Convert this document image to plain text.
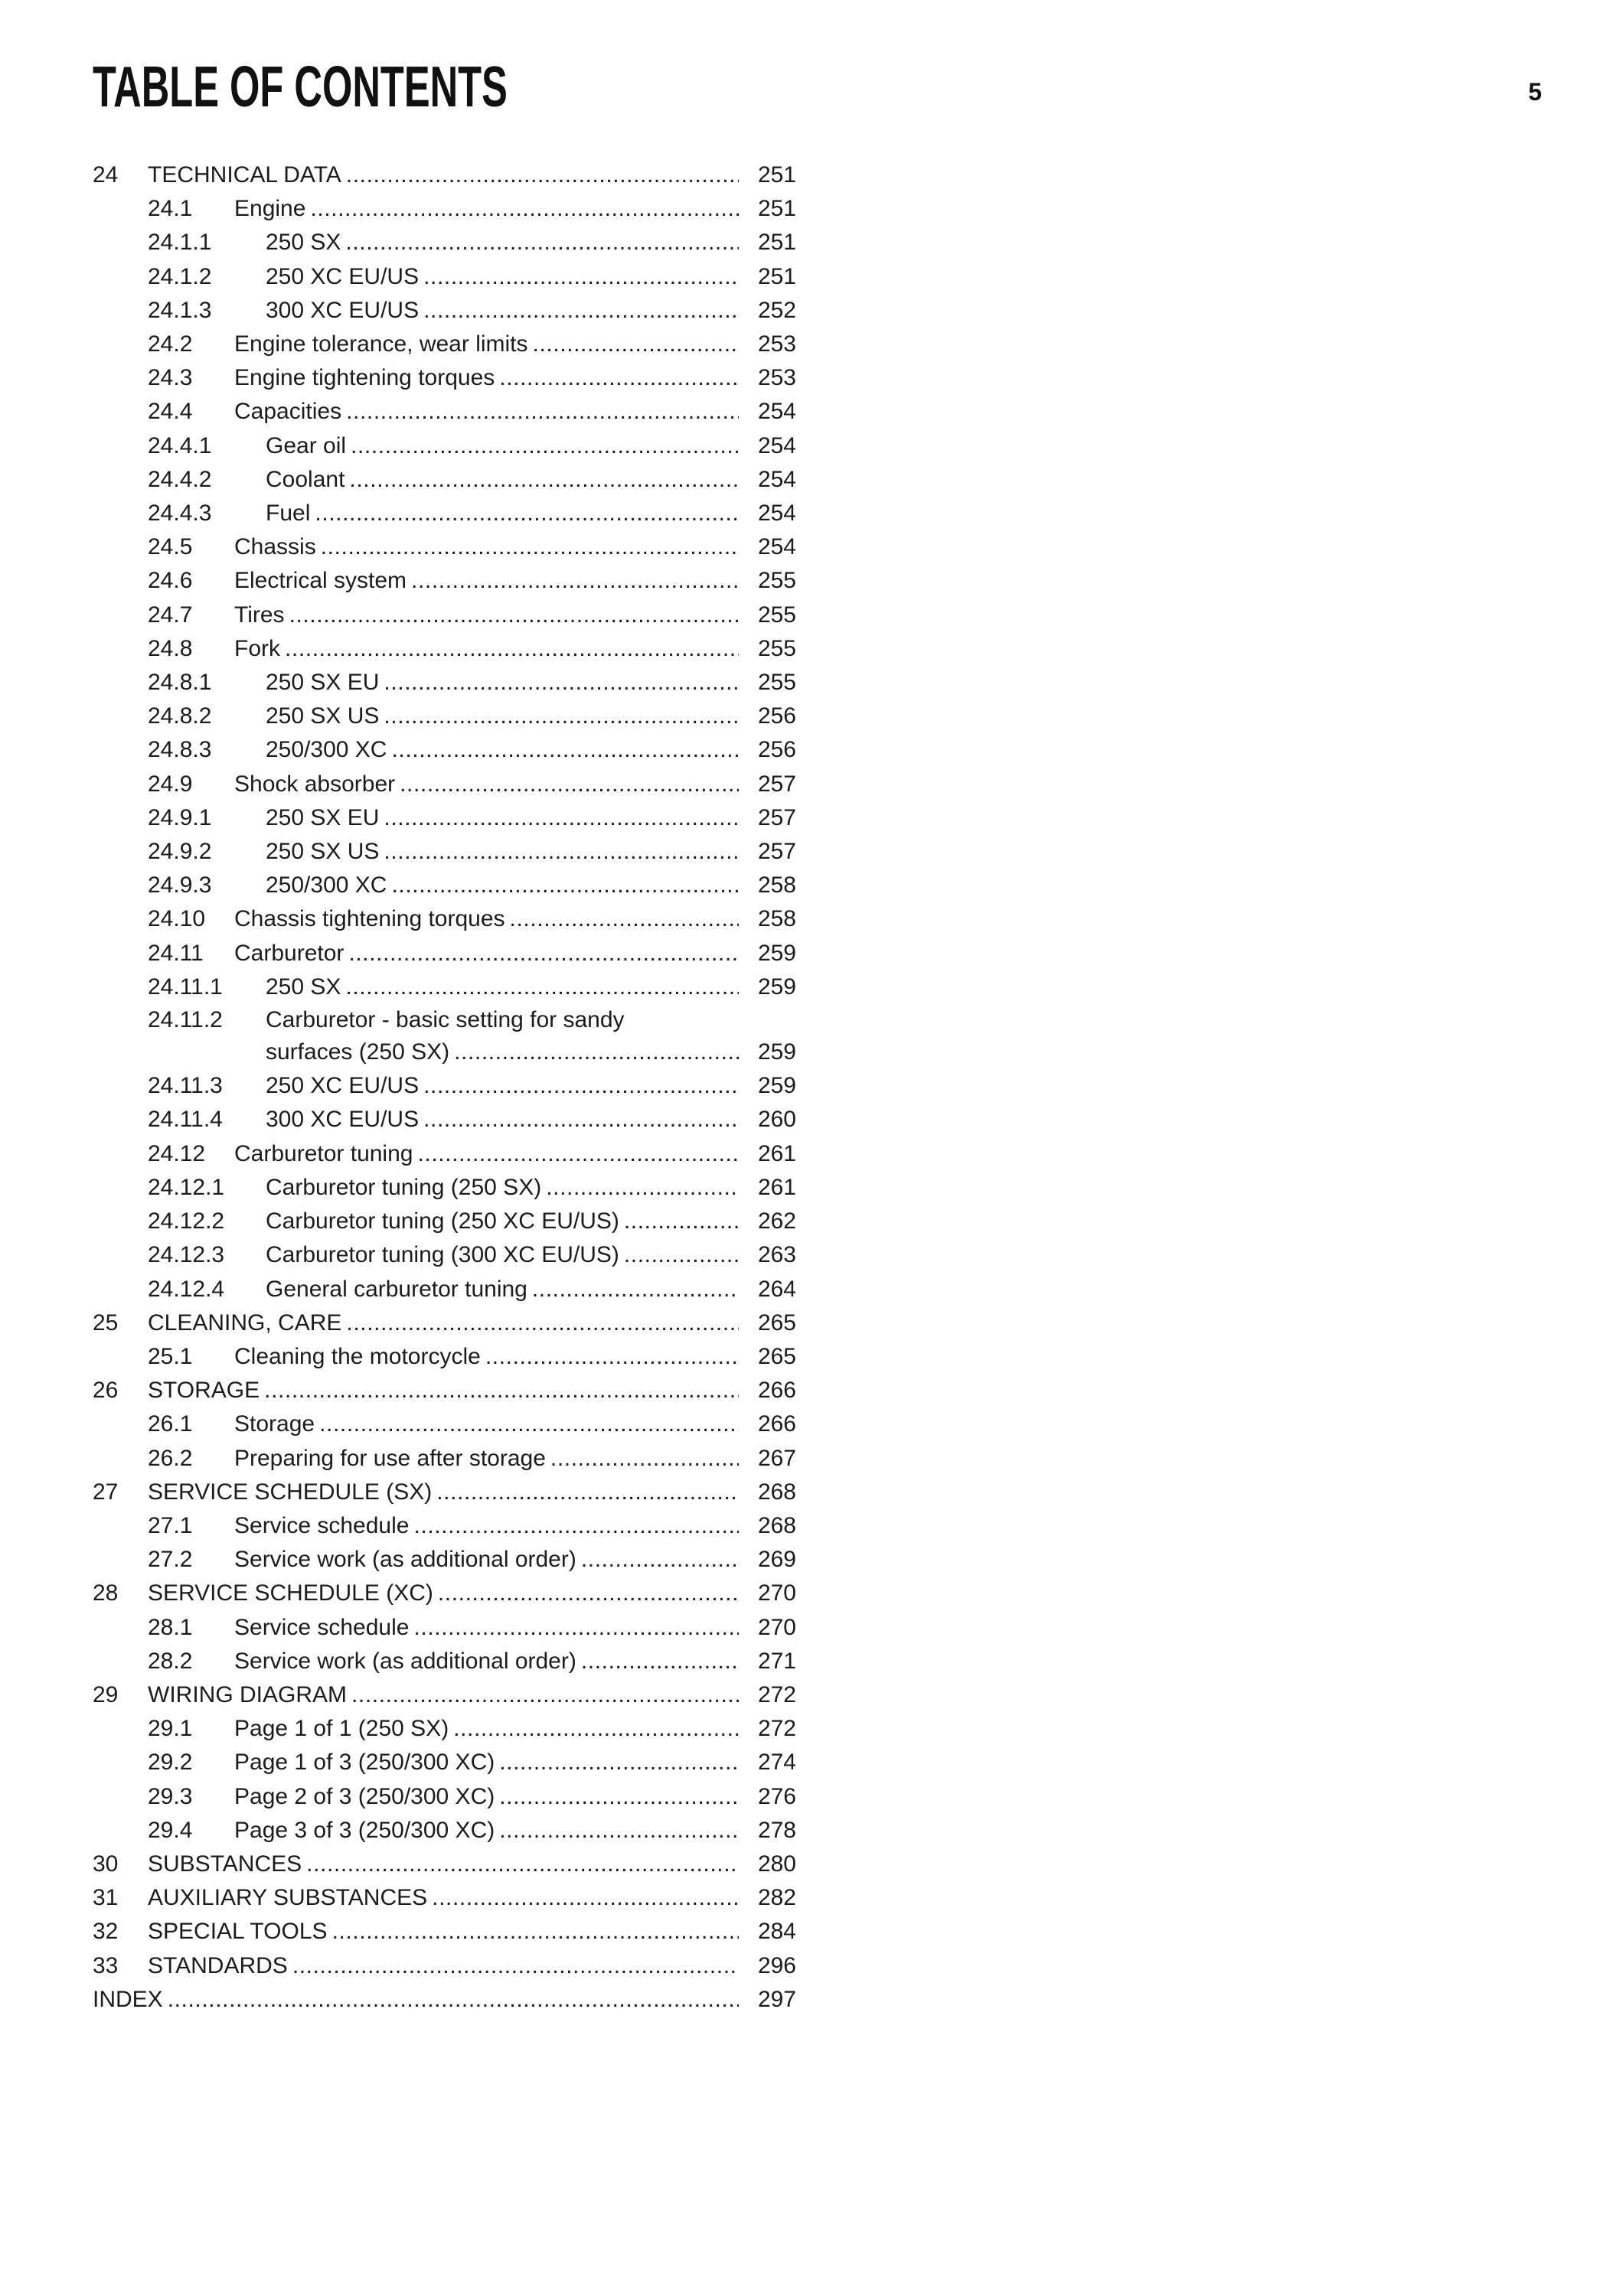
TABLE OF CONTENTS	5
24	TECHNICAL DATA .....	251
24.1	Engine .....	251
24.1.1	250 SX .....	251
24.1.2	250 XC EU/US .....	251
24.1.3	300 XC EU/US .....	252
24.2	Engine tolerance, wear limits .....	253
24.3	Engine tightening torques .....	253
24.4	Capacities .....	254
24.4.1	Gear oil .....	254
24.4.2	Coolant .....	254
24.4.3	Fuel .....	254
24.5	Chassis .....	254
24.6	Electrical system .....	255
24.7	Tires .....	255
24.8	Fork .....	255
24.8.1	250 SX EU .....	255
24.8.2	250 SX US .....	256
24.8.3	250/300 XC .....	256
24.9	Shock absorber .....	257
24.9.1	250 SX EU .....	257
24.9.2	250 SX US .....	257
24.9.3	250/300 XC .....	258
24.10	Chassis tightening torques .....	258
24.11	Carburetor .....	259
24.11.1	250 SX .....	259
24.11.2	Carburetor - basic setting for sandy
surfaces (250 SX) .....	259
24.11.3	250 XC EU/US .....	259
24.11.4	300 XC EU/US .....	260
24.12	Carburetor tuning .....	261
24.12.1	Carburetor tuning (250 SX) .....	261
24.12.2	Carburetor tuning (250 XC EU/US) .....	262
24.12.3	Carburetor tuning (300 XC EU/US) .....	263
24.12.4	General carburetor tuning .....	264
25	CLEANING, CARE .....	265
25.1	Cleaning the motorcycle .....	265
26	STORAGE .....	266
26.1	Storage .....	266
26.2	Preparing for use after storage .....	267
27	SERVICE SCHEDULE (SX) .....	268
27.1	Service schedule .....	268
27.2	Service work (as additional order) .....	269
28	SERVICE SCHEDULE (XC) .....	270
28.1	Service schedule .....	270
28.2	Service work (as additional order) .....	271
29	WIRING DIAGRAM .....	272
29.1	Page 1 of 1 (250 SX) .....	272
29.2	Page 1 of 3 (250/300 XC) .....	274
29.3	Page 2 of 3 (250/300 XC) .....	276
29.4	Page 3 of 3 (250/300 XC) .....	278
30	SUBSTANCES .....	280
31	AUXILIARY SUBSTANCES .....	282
32	SPECIAL TOOLS .....	284
33	STANDARDS .....	296
INDEX .....	297
